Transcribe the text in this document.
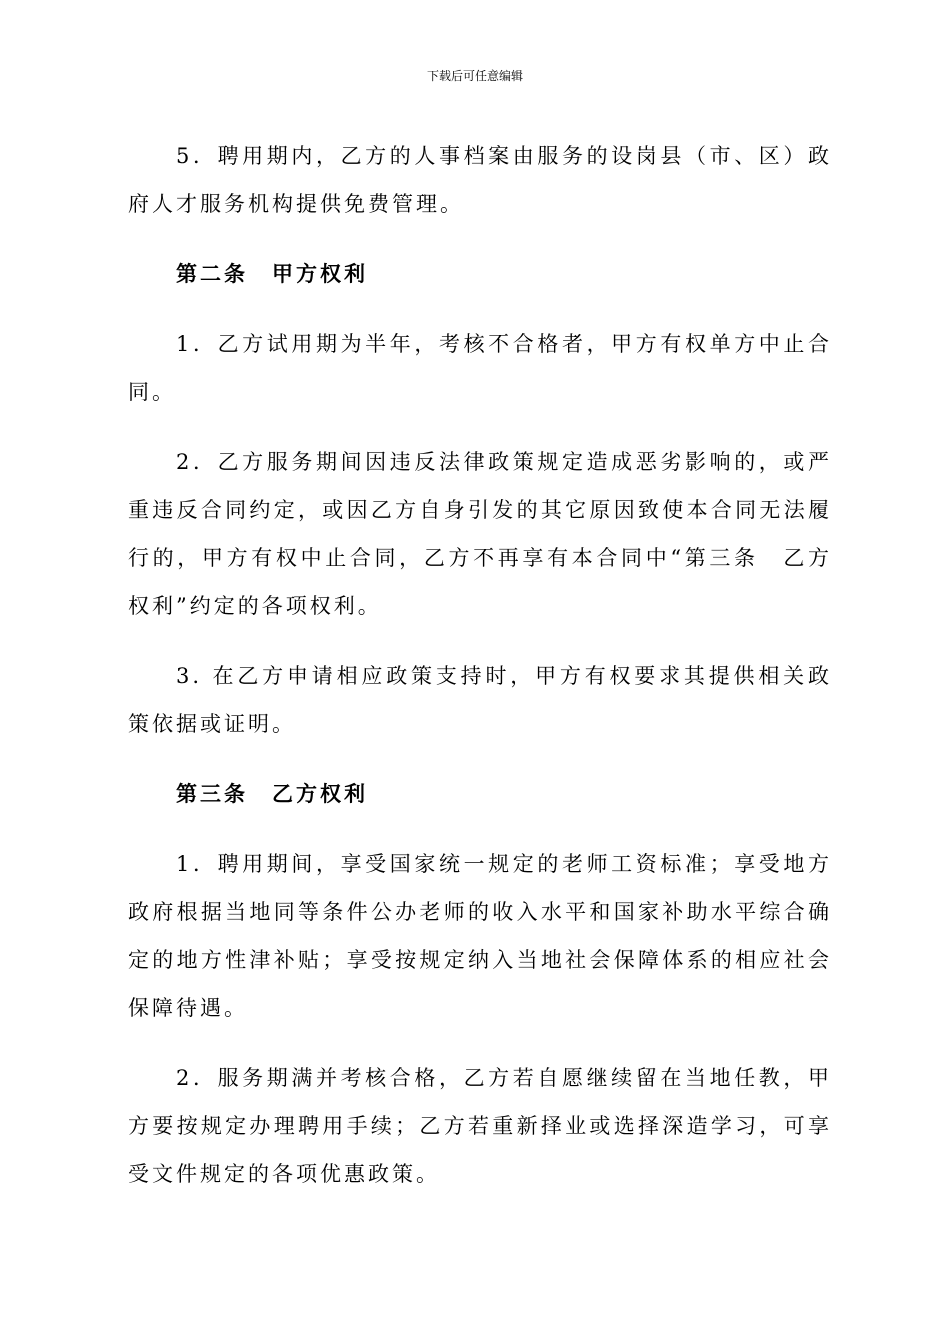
下载后可任意编辑

5．聘用期内，乙方的人事档案由服务的设岗县（市、区）政府人才服务机构提供免费管理。

第二条　甲方权利

1．乙方试用期为半年，考核不合格者，甲方有权单方中止合同。

2．乙方服务期间因违反法律政策规定造成恶劣影响的，或严重违反合同约定，或因乙方自身引发的其它原因致使本合同无法履行的，甲方有权中止合同，乙方不再享有本合同中“第三条　乙方权利”约定的各项权利。

3. 在乙方申请相应政策支持时，甲方有权要求其提供相关政策依据或证明。

第三条　乙方权利

1．聘用期间，享受国家统一规定的老师工资标准；享受地方政府根据当地同等条件公办老师的收入水平和国家补助水平综合确定的地方性津补贴；享受按规定纳入当地社会保障体系的相应社会保障待遇。

2．服务期满并考核合格，乙方若自愿继续留在当地任教，甲方要按规定办理聘用手续；乙方若重新择业或选择深造学习，可享受文件规定的各项优惠政策。
